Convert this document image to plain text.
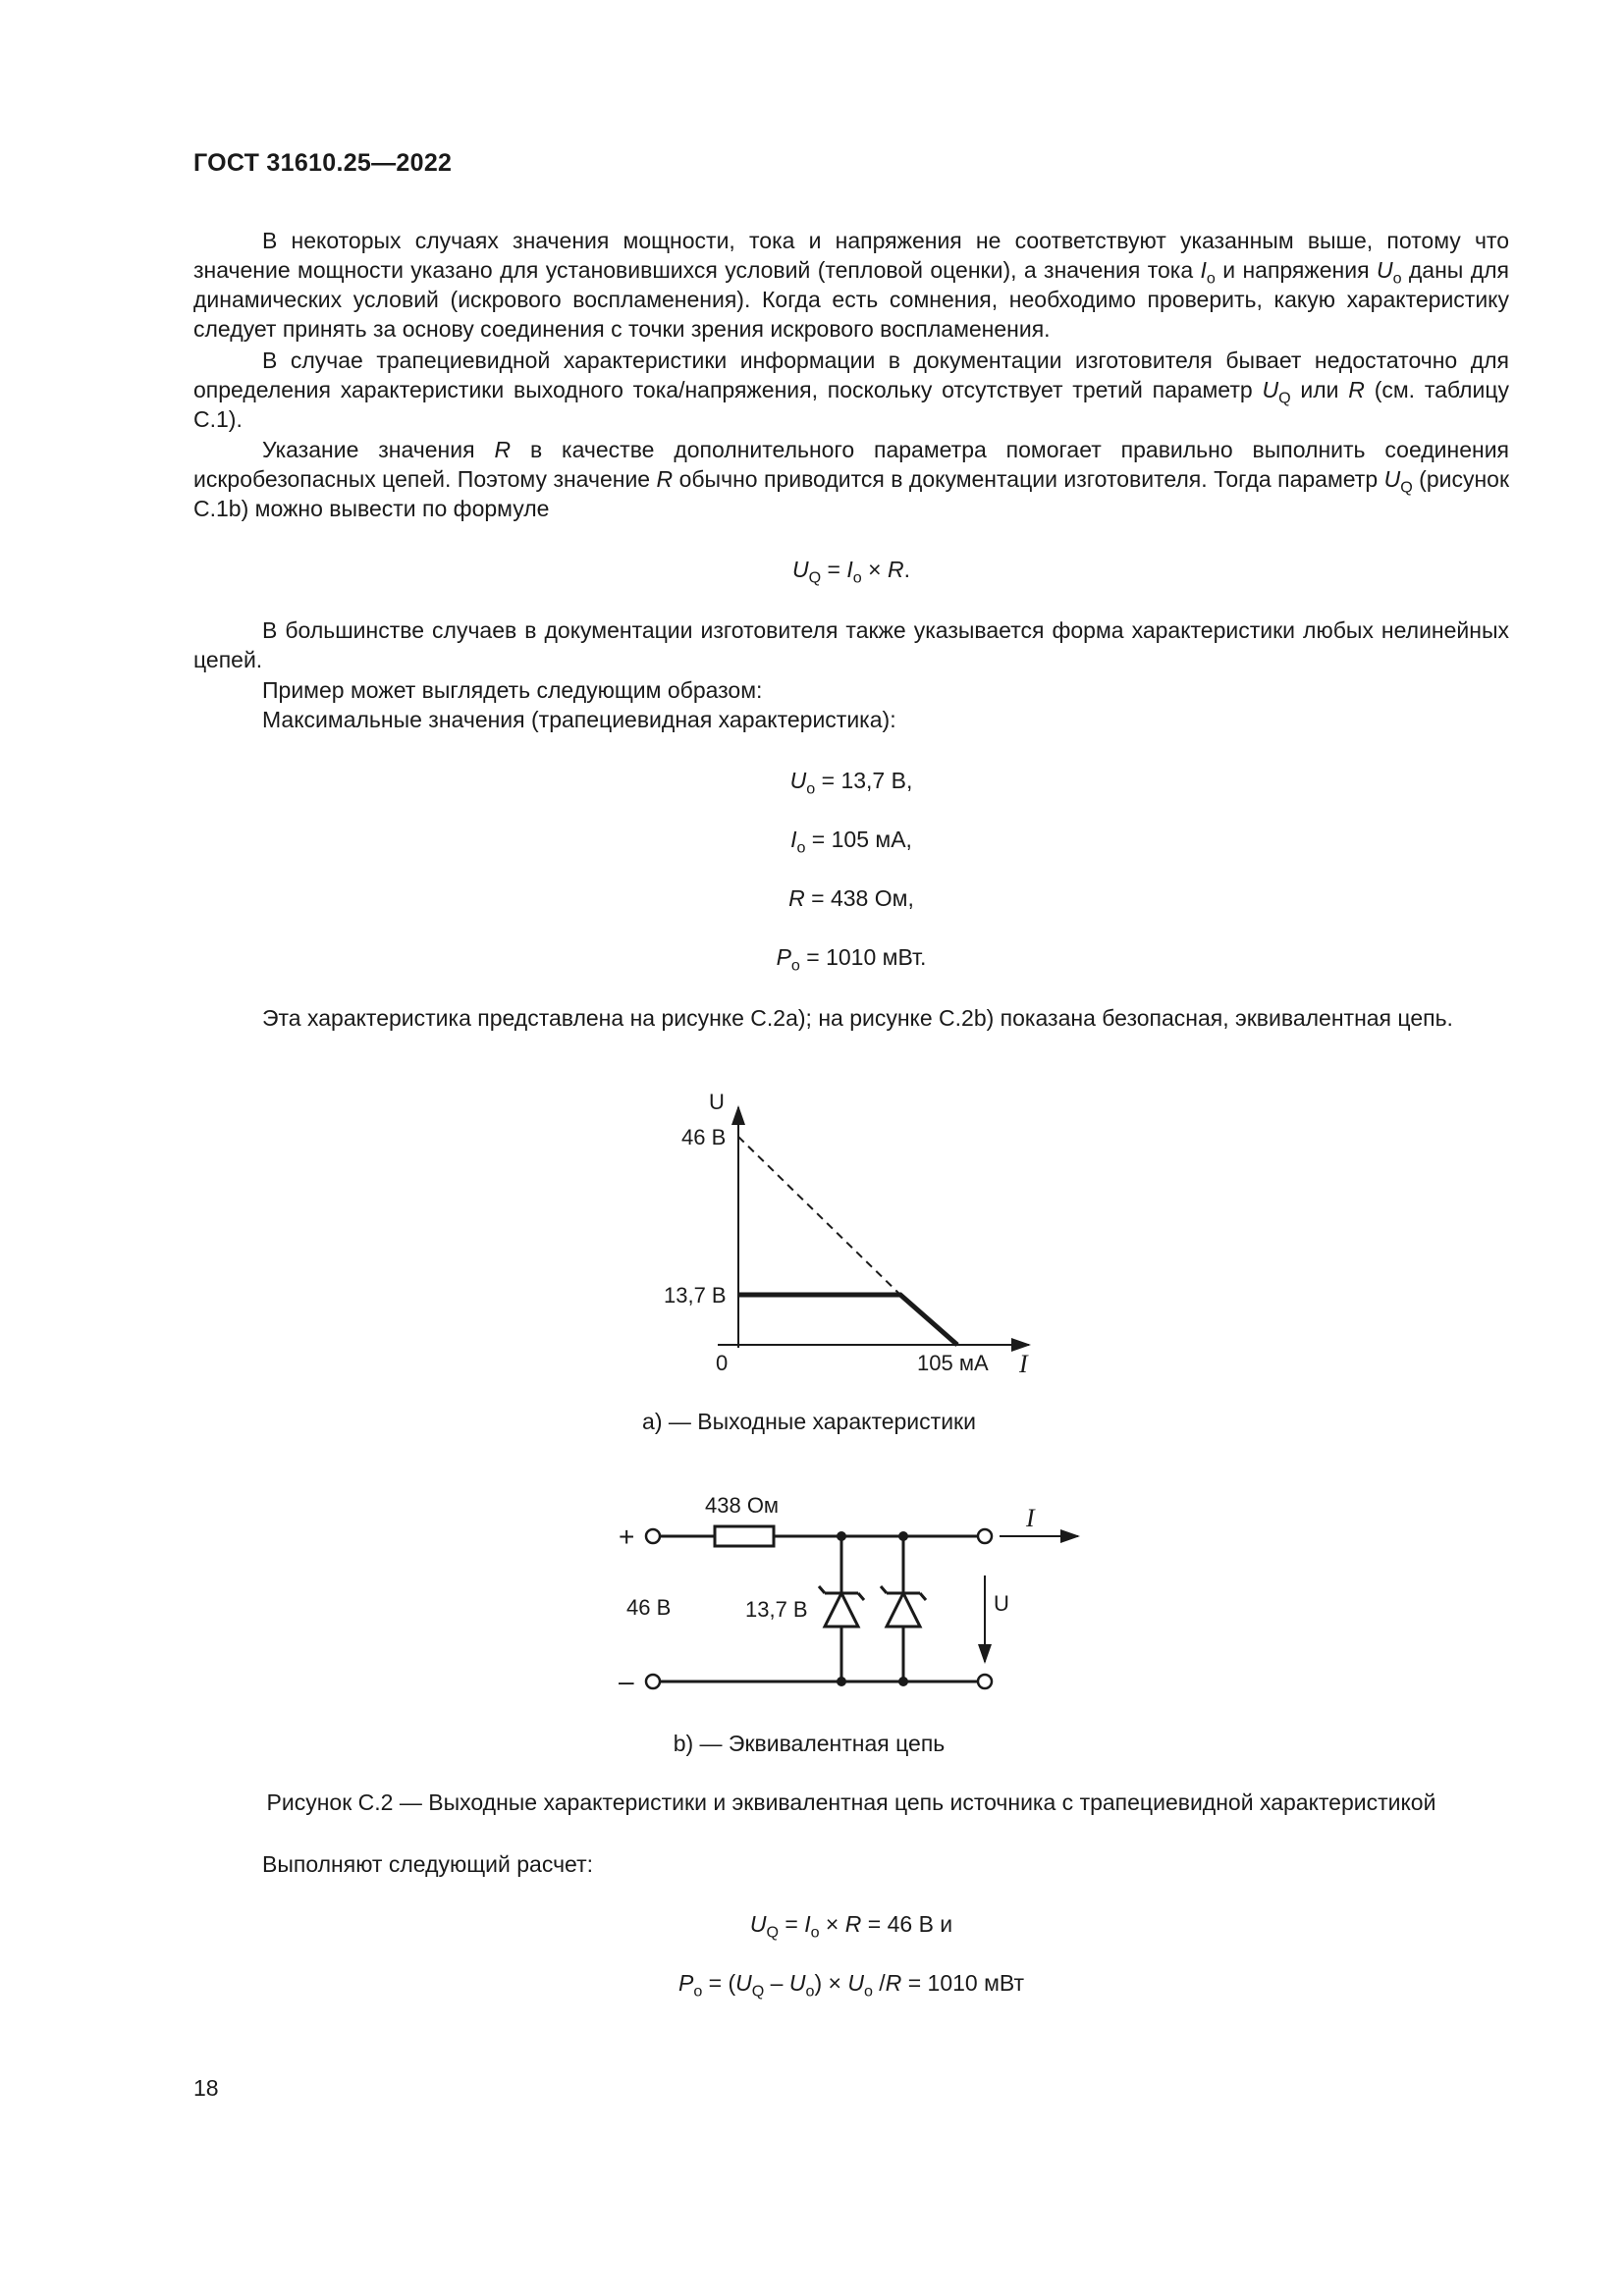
ГОСТ 31610.25—2022

В некоторых случаях значения мощности, тока и напряжения не соответствуют указанным выше, потому что значение мощности указано для установившихся условий (тепловой оценки), а значения тока $I_o$ и напряжения $U_o$ даны для динамических условий (искрового воспламенения). Когда есть сомнения, необходимо проверить, какую характеристику следует принять за основу соединения с точки зрения искрового воспламенения.

В случае трапециевидной характеристики информации в документации изготовителя бывает недостаточно для определения характеристики выходного тока/напряжения, поскольку отсутствует третий параметр $U_Q$ или R (см. таблицу С.1).

Указание значения R в качестве дополнительного параметра помогает правильно выполнить соединения искробезопасных цепей. Поэтому значение R обычно приводится в документации изготовителя. Тогда параметр $U_Q$ (рисунок С.1b) можно вывести по формуле

$U_Q = I_o \times R$.

В большинстве случаев в документации изготовителя также указывается форма характеристики любых нелинейных цепей.

Пример может выглядеть следующим образом:

Максимальные значения (трапециевидная характеристика):

$U_o = 13,7$ В,

$I_o = 105$ мА,

R = 438 Ом,

$P_o = 1010$ мВт.

Эта характеристика представлена на рисунке С.2a); на рисунке С.2b) показана безопасная, эквивалентная цепь.

U
I
0
46 В
13,7 В
105 мА
a) — Выходные характеристики
438 Ом
+
–
46 В	13,7 В
I
U
b) — Эквивалентная цепь

Рисунок С.2 — Выходные характеристики и эквивалентная цепь источника с трапециевидной характеристикой

Выполняют следующий расчет:

$U_Q = I_o \times R = 46$ В и

$P_o = (U_Q - U_o) \times U_o$ /R = 1010 мВт

18
